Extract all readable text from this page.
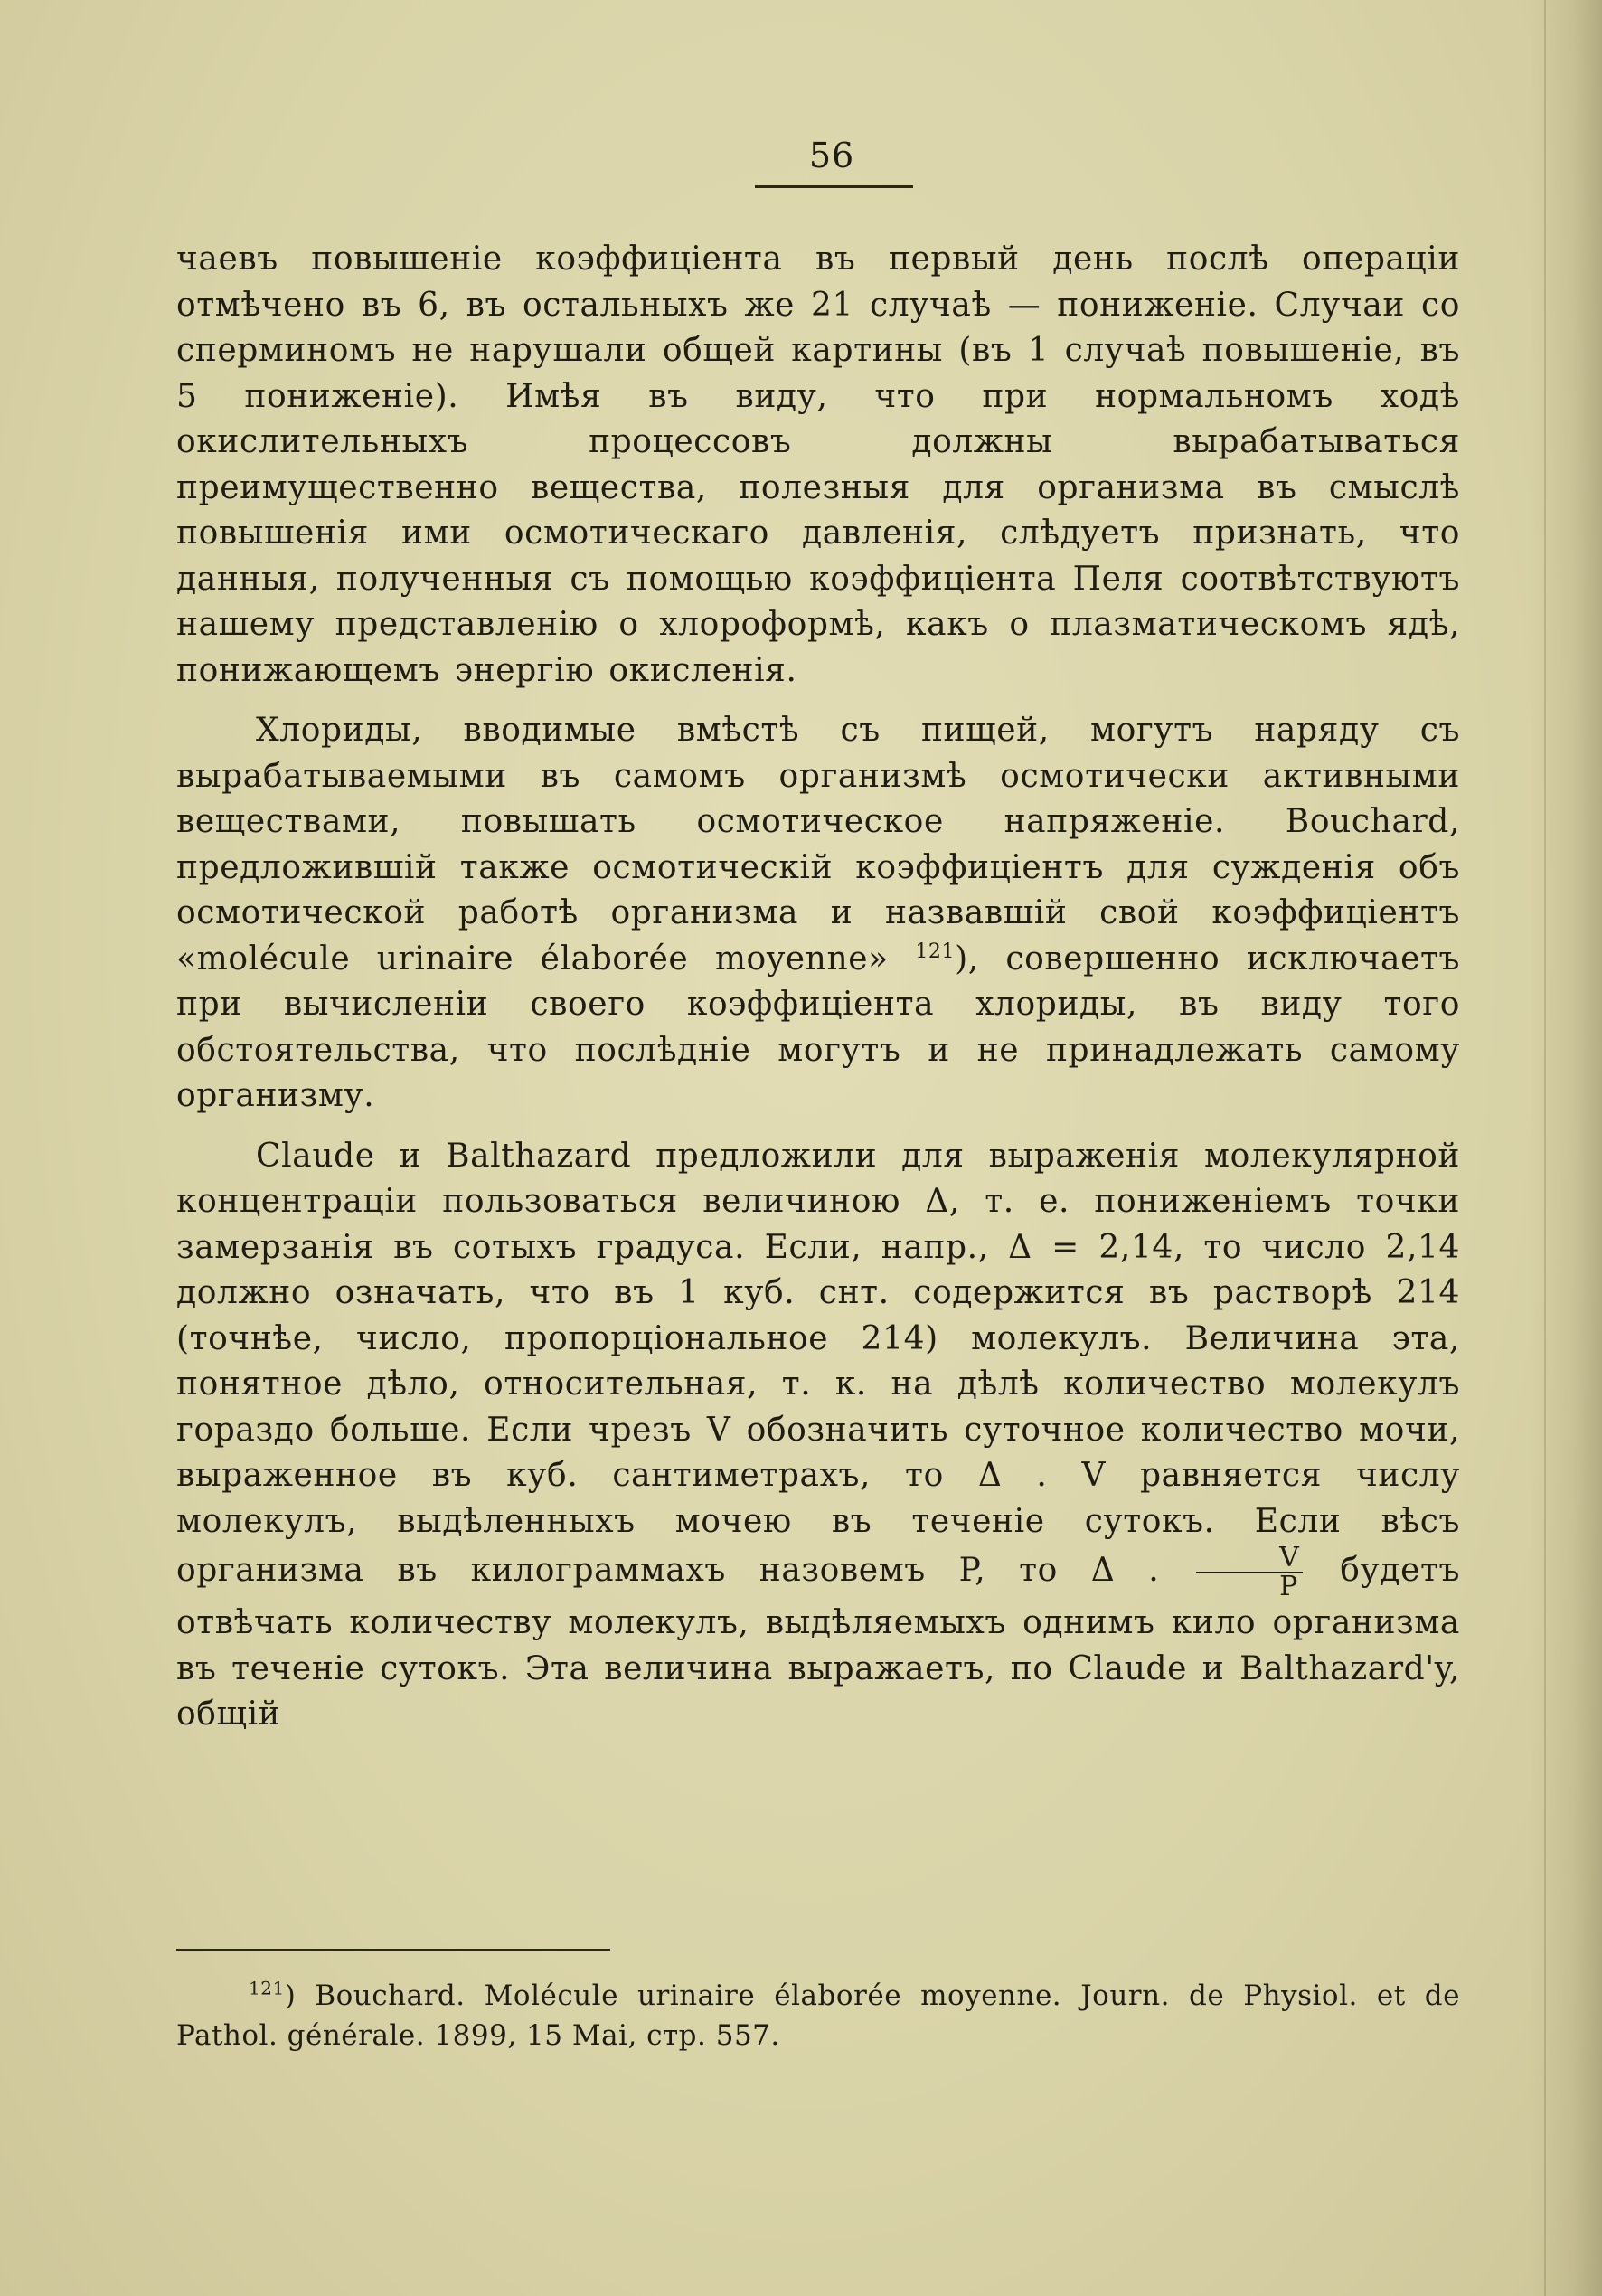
56

чаевъ повышеніе коэффиціента въ первый день послѣ операціи отмѣчено въ 6, въ остальныхъ же 21 случаѣ — пониженіе. Случаи со сперминомъ не нарушали общей картины (въ 1 случаѣ повышеніе, въ 5 пониженіе). Имѣя въ виду, что при нормальномъ ходѣ окислительныхъ процессовъ должны вырабатываться преимущественно вещества, полезныя для организма въ смыслѣ повышенія ими осмотическаго давленія, слѣдуетъ признать, что данныя, полученныя съ помощью коэффиціента Пеля соотвѣтствуютъ нашему представленію о хлороформѣ, какъ о плазматическомъ ядѣ, понижающемъ энергію окисленія.

Хлориды, вводимые вмѣстѣ съ пищей, могутъ наряду съ вырабатываемыми въ самомъ организмѣ осмотически активными веществами, повышать осмотическое напряженіе. Bouchard, предложившій также осмотическій коэффиціентъ для сужденія объ осмотической работѣ организма и назвавшій свой коэффиціентъ «molécule urinaire élaborée moyenne» $^{121}$), совершенно исключаетъ при вычисленіи своего коэффиціента хлориды, въ виду того обстоятельства, что послѣдніе могутъ и не принадлежать самому организму.

Claude и Balthazard предложили для выраженія молекулярной концентраціи пользоваться величиною Δ, т. е. пониженіемъ точки замерзанія въ сотыхъ градуса. Если, напр., Δ = 2,14, то число 2,14 должно означать, что въ 1 куб. снт. содержится въ растворѣ 214 (точнѣе, число, пропорціональное 214) молекулъ. Величина эта, понятное дѣло, относительная, т. к. на дѣлѣ количество молекулъ гораздо больше. Если чрезъ V обозначить суточное количество мочи, выраженное въ куб. сантиметрахъ, то Δ . V равняется числу молекулъ, выдѣленныхъ мочею въ теченіе сутокъ. Если вѣсъ организма въ килограммахъ назовемъ P, то Δ . $\frac{V}{P}$ будетъ отвѣчать количеству молекулъ, выдѣляемыхъ однимъ кило организма въ теченіе сутокъ. Эта величина выражаетъ, по Claude и Balthazard'y, общій

$^{121}$) Bouchard. Molécule urinaire élaborée moyenne. Journ. de Physiol. et de Pathol. générale. 1899, 15 Mai, стр. 557.
